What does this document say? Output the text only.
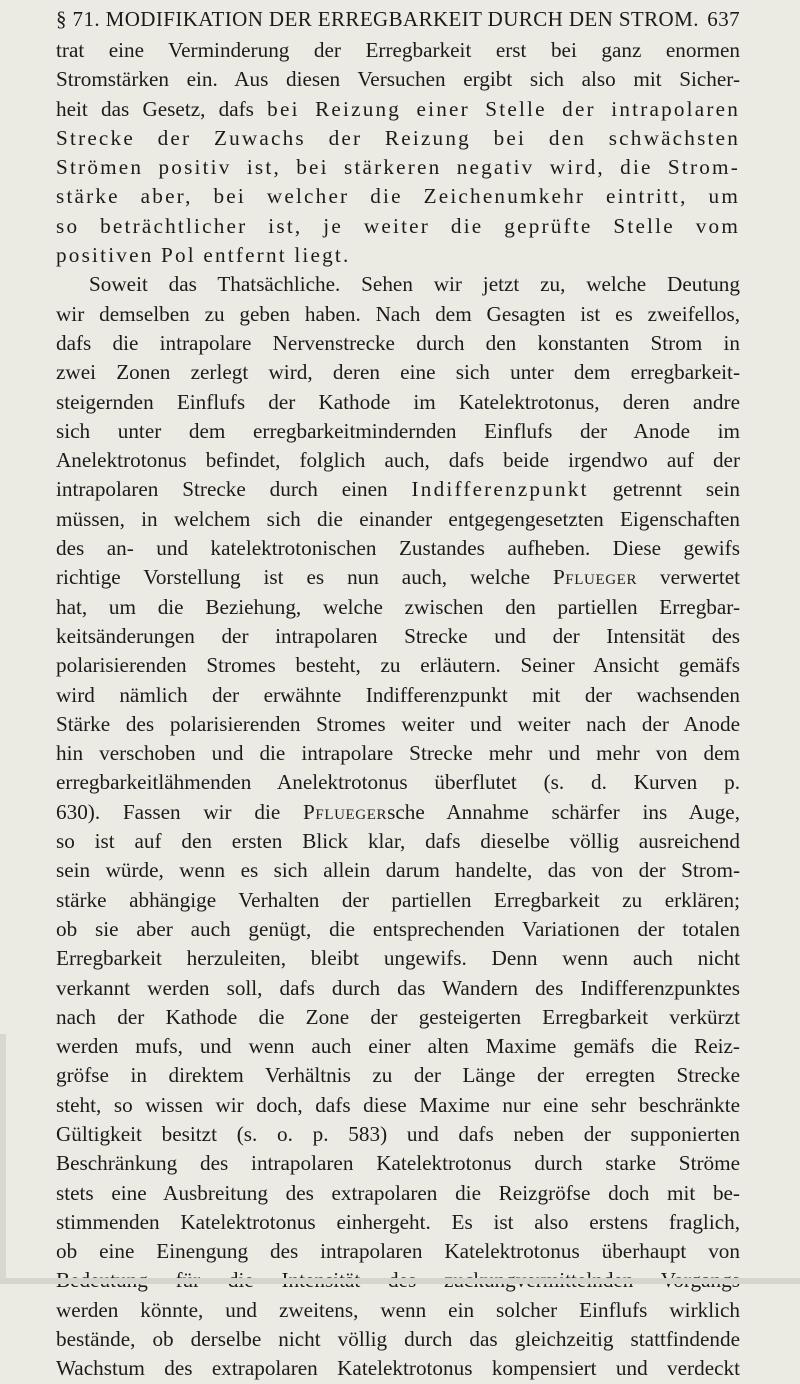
§ 71. MODIFIKATION DER ERREGBARKEIT DURCH DEN STROM. 637
trat eine Verminderung der Erregbarkeit erst bei ganz enormen
Stromstärken ein. Aus diesen Versuchen ergibt sich also mit Sicher-
heit das Gesetz, dafs bei Reizung einer Stelle der intrapolaren
Strecke der Zuwachs der Reizung bei den schwächsten
Strömen positiv ist, bei stärkeren negativ wird, die Strom-
stärke aber, bei welcher die Zeichenumkehr eintritt, um
so beträchtlicher ist, je weiter die geprüfte Stelle vom
positiven Pol entfernt liegt.
Soweit das Thatsächliche. Sehen wir jetzt zu, welche Deutung
wir demselben zu geben haben. Nach dem Gesagten ist es zweifellos,
dafs die intrapolare Nervenstrecke durch den konstanten Strom in
zwei Zonen zerlegt wird, deren eine sich unter dem erregbarkeit-
steigernden Einflufs der Kathode im Katelektrotonus, deren andre
sich unter dem erregbarkeitmindernden Einflufs der Anode im
Anelektrotonus befindet, folglich auch, dafs beide irgendwo auf der
intrapolaren Strecke durch einen Indifferenzpunkt getrennt sein
müssen, in welchem sich die einander entgegengesetzten Eigenschaften
des an- und katelektrotonischen Zustandes aufheben. Diese gewifs
richtige Vorstellung ist es nun auch, welche Pflueger verwertet
hat, um die Beziehung, welche zwischen den partiellen Erregbar-
keitsänderungen der intrapolaren Strecke und der Intensität des
polarisierenden Stromes besteht, zu erläutern. Seiner Ansicht gemäfs
wird nämlich der erwähnte Indifferenzpunkt mit der wachsenden
Stärke des polarisierenden Stromes weiter und weiter nach der Anode
hin verschoben und die intrapolare Strecke mehr und mehr von dem
erregbarkeitlähmenden Anelektrotonus überflutet (s. d. Kurven p.
630). Fassen wir die Pfluegersche Annahme schärfer ins Auge,
so ist auf den ersten Blick klar, dafs dieselbe völlig ausreichend
sein würde, wenn es sich allein darum handelte, das von der Strom-
stärke abhängige Verhalten der partiellen Erregbarkeit zu erklären;
ob sie aber auch genügt, die entsprechenden Variationen der totalen
Erregbarkeit herzuleiten, bleibt ungewifs. Denn wenn auch nicht
verkannt werden soll, dafs durch das Wandern des Indifferenzpunktes
nach der Kathode die Zone der gesteigerten Erregbarkeit verkürzt
werden mufs, und wenn auch einer alten Maxime gemäfs die Reiz-
gröfse in direktem Verhältnis zu der Länge der erregten Strecke
steht, so wissen wir doch, dafs diese Maxime nur eine sehr beschränkte
Gültigkeit besitzt (s. o. p. 583) und dafs neben der supponierten
Beschränkung des intrapolaren Katelektrotonus durch starke Ströme
stets eine Ausbreitung des extrapolaren die Reizgröfse doch mit be-
stimmenden Katelektrotonus einhergeht. Es ist also erstens fraglich,
ob eine Einengung des intrapolaren Katelektrotonus überhaupt von
werden könnte, und zweitens, wenn ein solcher Einflufs wirklich
bestände, ob derselbe nicht völlig durch das gleichzeitig stattfindende
Wachstum des extrapolaren Katelektrotonus kompensiert und verdeckt
